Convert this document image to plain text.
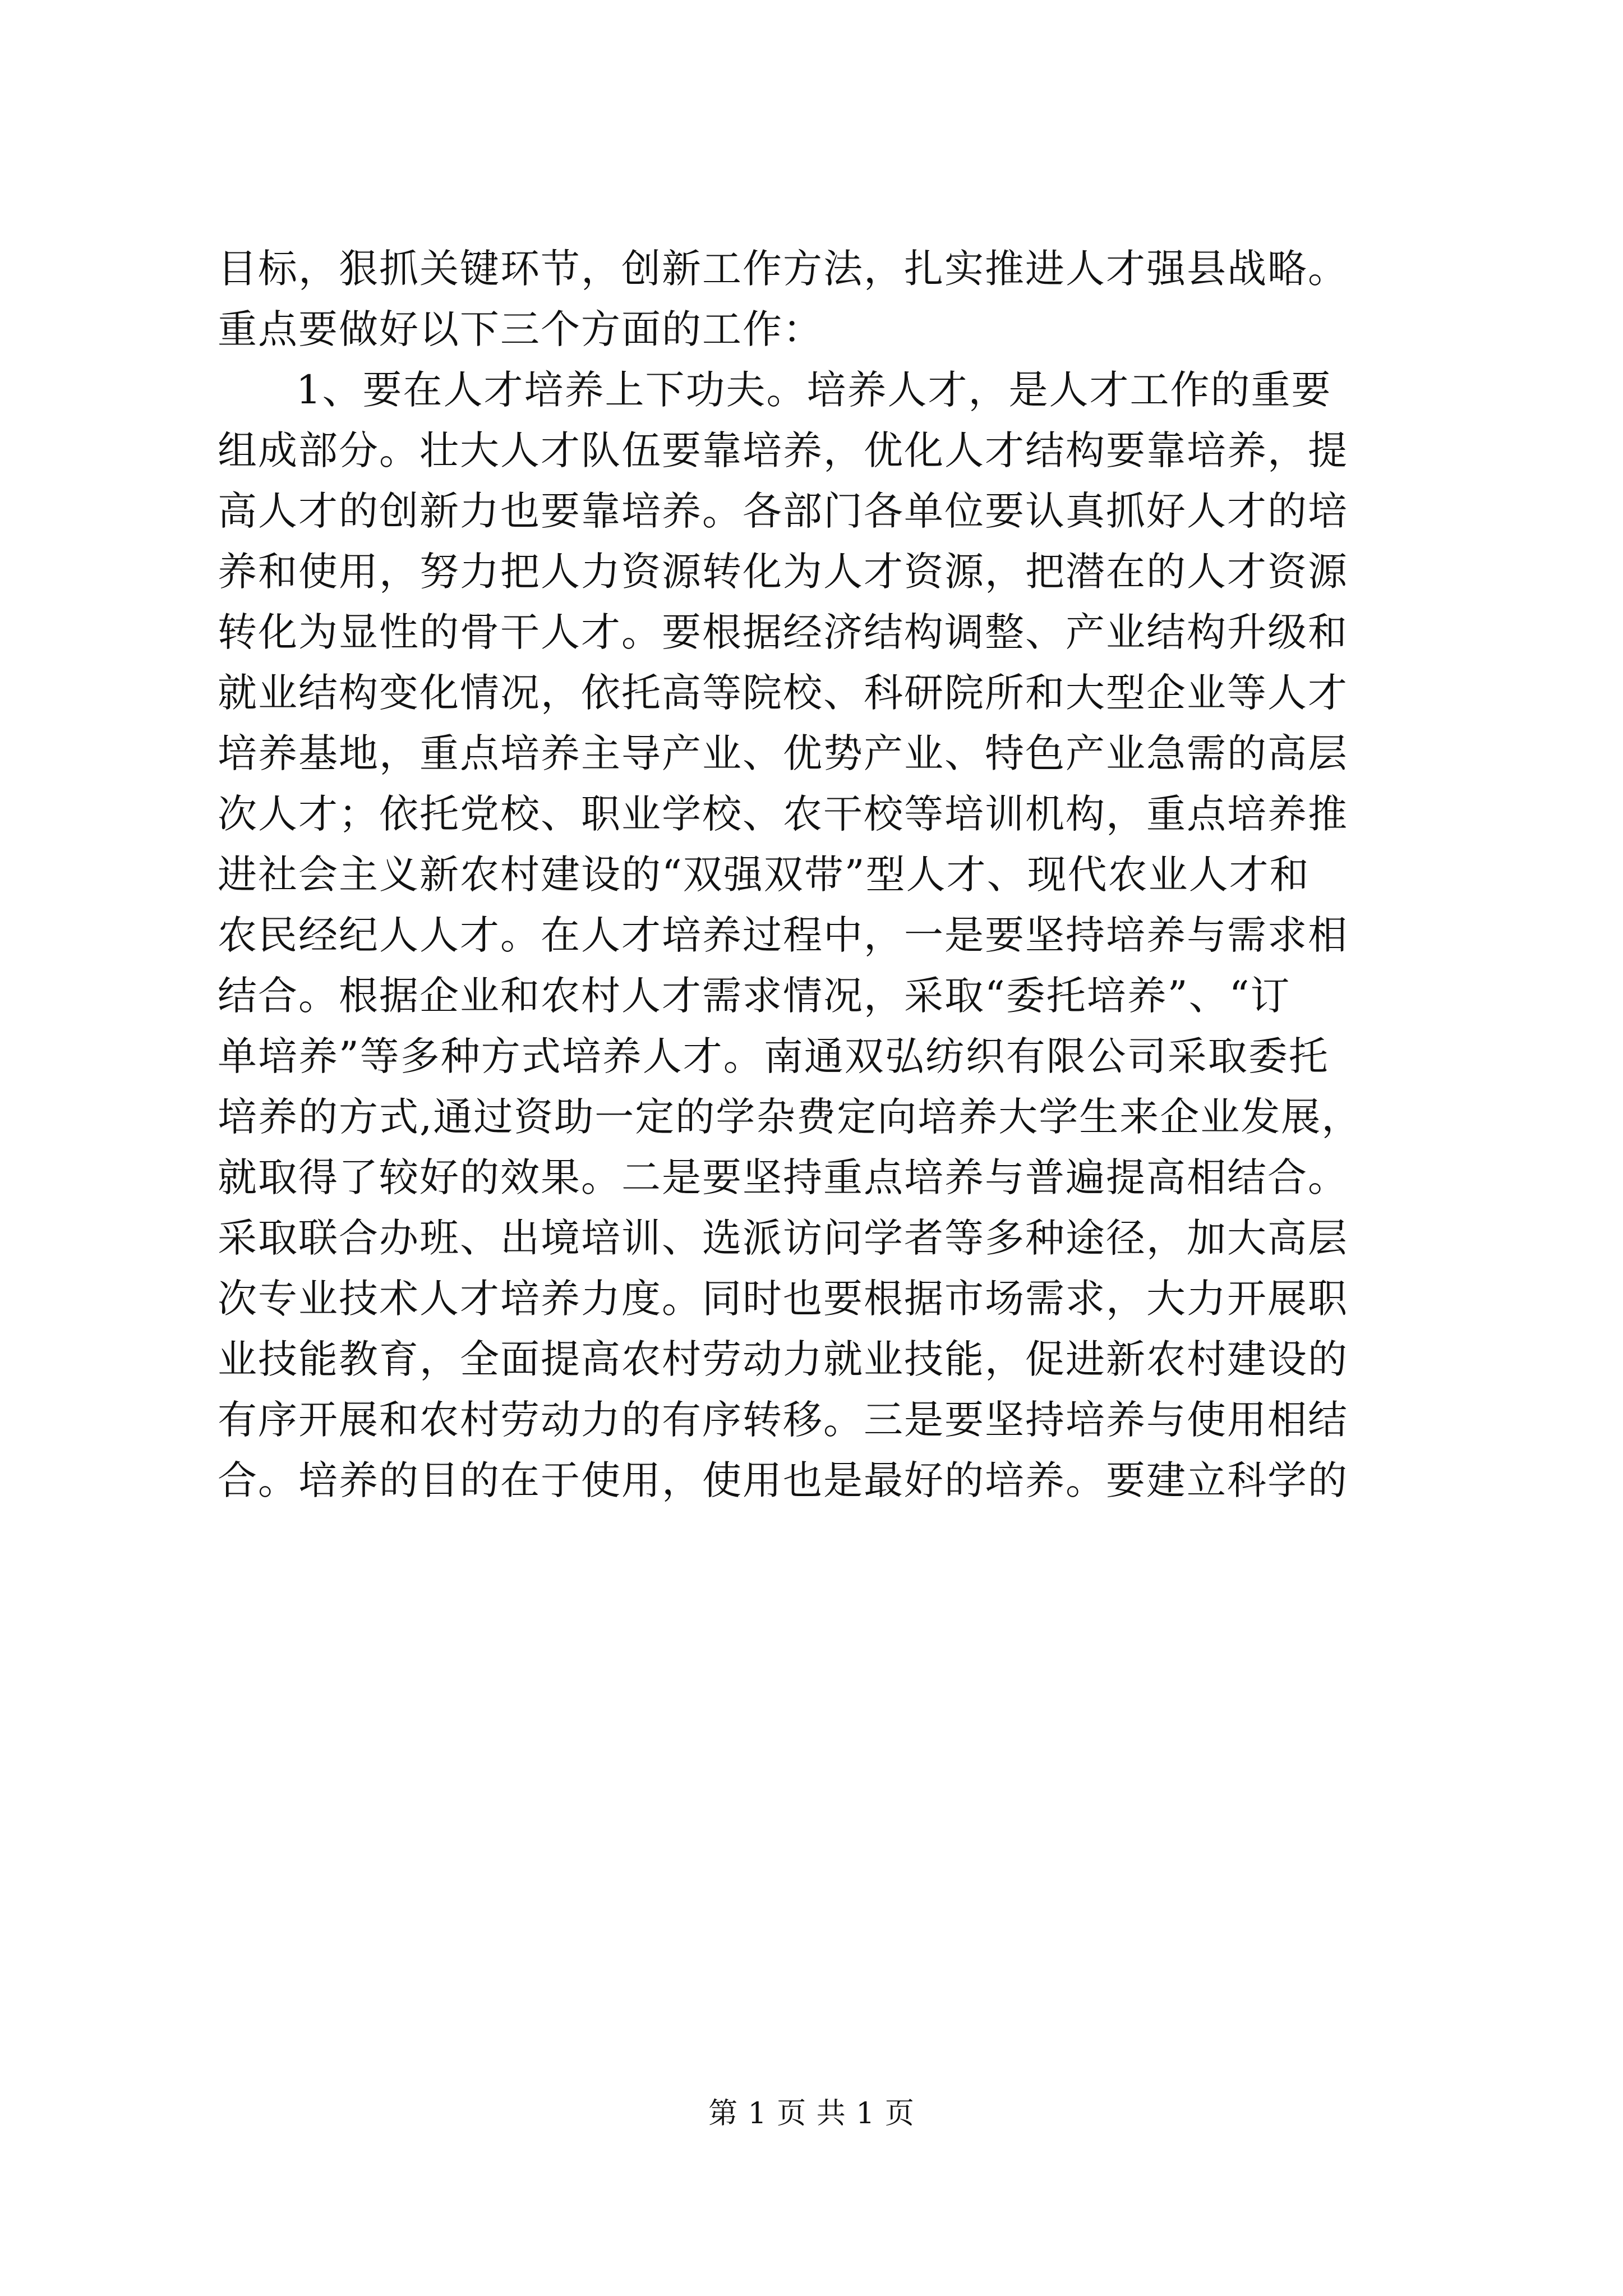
目标，狠抓关键环节，创新工作方法，扎实推进人才强县战略。
重点要做好以下三个方面的工作：
1、要在人才培养上下功夫。培养人才，是人才工作的重要
组成部分。壮大人才队伍要靠培养，优化人才结构要靠培养，提
高人才的创新力也要靠培养。各部门各单位要认真抓好人才的培
养和使用，努力把人力资源转化为人才资源，把潜在的人才资源
转化为显性的骨干人才。要根据经济结构调整、产业结构升级和
就业结构变化情况，依托高等院校、科研院所和大型企业等人才
培养基地，重点培养主导产业、优势产业、特色产业急需的高层
次人才；依托党校、职业学校、农干校等培训机构，重点培养推
进社会主义新农村建设的“双强双带”型人才、现代农业人才和
农民经纪人人才。在人才培养过程中，一是要坚持培养与需求相
结合。根据企业和农村人才需求情况，采取“委托培养”、“订
单培养”等多种方式培养人才。南通双弘纺织有限公司采取委托
培养的方式,通过资助一定的学杂费定向培养大学生来企业发展，
就取得了较好的效果。二是要坚持重点培养与普遍提高相结合。
采取联合办班、出境培训、选派访问学者等多种途径，加大高层
次专业技术人才培养力度。同时也要根据市场需求，大力开展职
业技能教育，全面提高农村劳动力就业技能，促进新农村建设的
有序开展和农村劳动力的有序转移。三是要坚持培养与使用相结
合。培养的目的在于使用，使用也是最好的培养。要建立科学的
第 1 页 共 1 页
